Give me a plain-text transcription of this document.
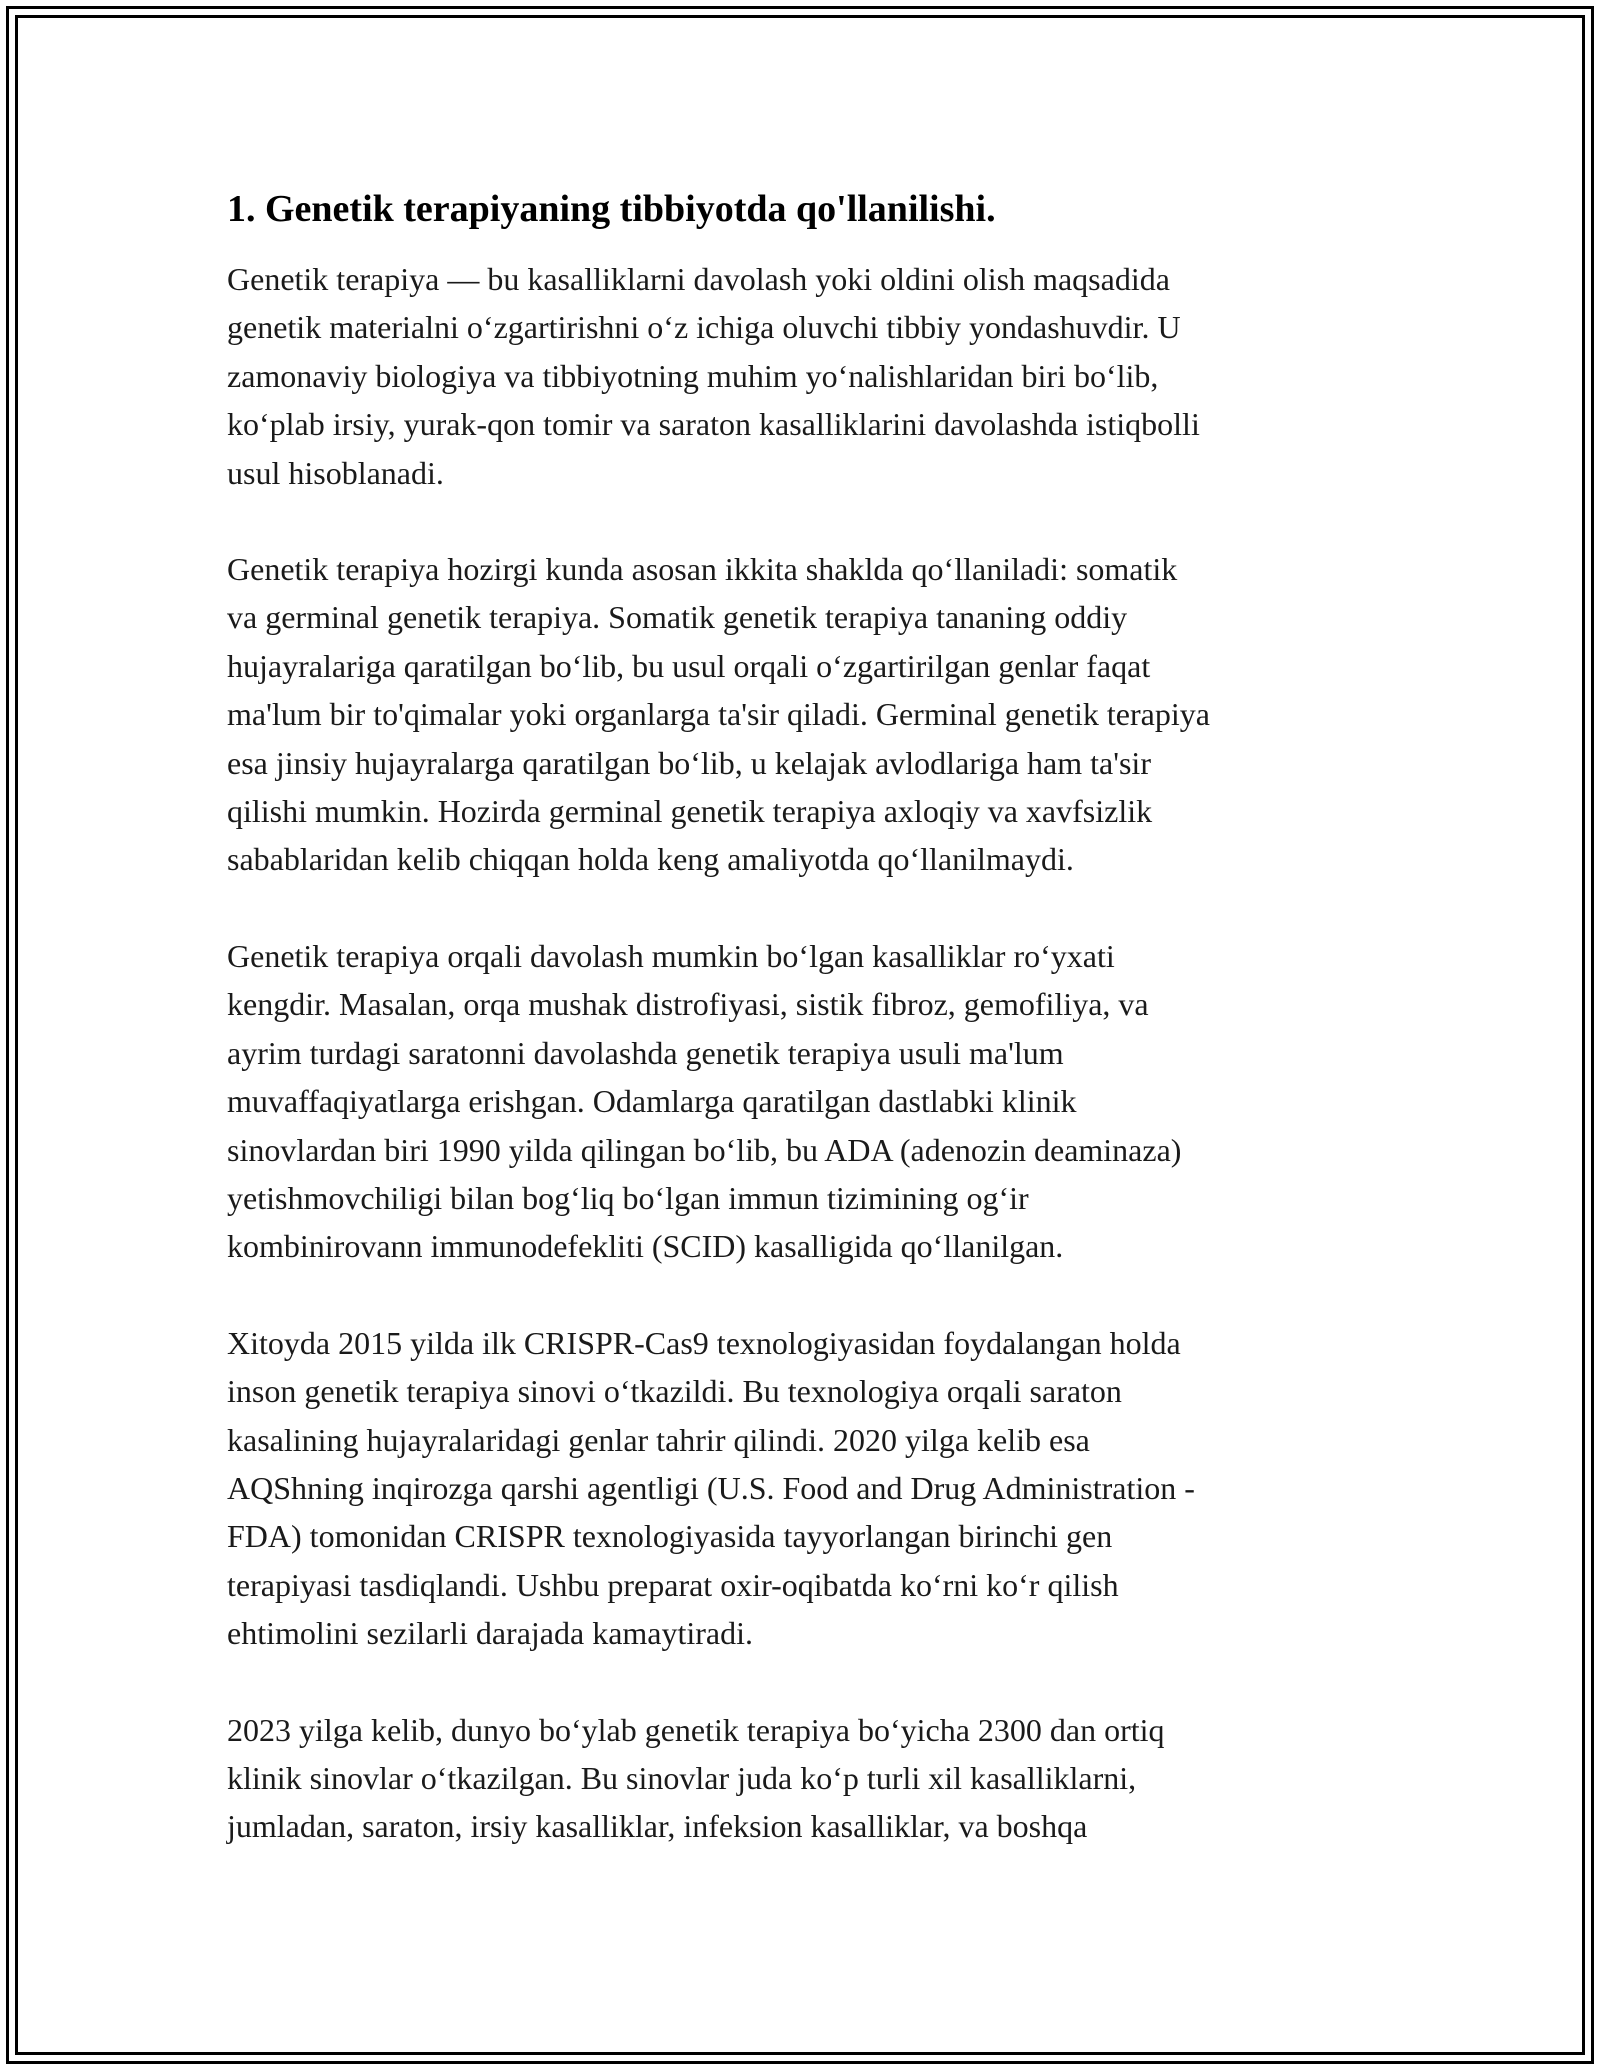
1. Genetik terapiyaning tibbiyotda qo'llanilishi.

Genetik terapiya — bu kasalliklarni davolash yoki oldini olish maqsadida
genetik materialni o‘zgartirishni o‘z ichiga oluvchi tibbiy yondashuvdir. U
zamonaviy biologiya va tibbiyotning muhim yo‘nalishlaridan biri bo‘lib,
ko‘plab irsiy, yurak-qon tomir va saraton kasalliklarini davolashda istiqbolli
usul hisoblanadi.

Genetik terapiya hozirgi kunda asosan ikkita shaklda qo‘llaniladi: somatik
va germinal genetik terapiya. Somatik genetik terapiya tananing oddiy
hujayralariga qaratilgan bo‘lib, bu usul orqali o‘zgartirilgan genlar faqat
ma'lum bir to'qimalar yoki organlarga ta'sir qiladi. Germinal genetik terapiya
esa jinsiy hujayralarga qaratilgan bo‘lib, u kelajak avlodlariga ham ta'sir
qilishi mumkin. Hozirda germinal genetik terapiya axloqiy va xavfsizlik
sabablaridan kelib chiqqan holda keng amaliyotda qo‘llanilmaydi.

Genetik terapiya orqali davolash mumkin bo‘lgan kasalliklar ro‘yxati
kengdir. Masalan, orqa mushak distrofiyasi, sistik fibroz, gemofiliya, va
ayrim turdagi saratonni davolashda genetik terapiya usuli ma'lum
muvaffaqiyatlarga erishgan. Odamlarga qaratilgan dastlabki klinik
sinovlardan biri 1990 yilda qilingan bo‘lib, bu ADA (adenozin deaminaza)
yetishmovchiligi bilan bog‘liq bo‘lgan immun tizimining og‘ir
kombinirovann immunodefekliti (SCID) kasalligida qo‘llanilgan.

Xitoyda 2015 yilda ilk CRISPR-Cas9 texnologiyasidan foydalangan holda
inson genetik terapiya sinovi o‘tkazildi. Bu texnologiya orqali saraton
kasalining hujayralaridagi genlar tahrir qilindi. 2020 yilga kelib esa
AQShning inqirozga qarshi agentligi (U.S. Food and Drug Administration -
FDA) tomonidan CRISPR texnologiyasida tayyorlangan birinchi gen
terapiyasi tasdiqlandi. Ushbu preparat oxir-oqibatda ko‘rni ko‘r qilish
ehtimolini sezilarli darajada kamaytiradi.

2023 yilga kelib, dunyo bo‘ylab genetik terapiya bo‘yicha 2300 dan ortiq
klinik sinovlar o‘tkazilgan. Bu sinovlar juda ko‘p turli xil kasalliklarni,
jumladan, saraton, irsiy kasalliklar, infeksion kasalliklar, va boshqa
